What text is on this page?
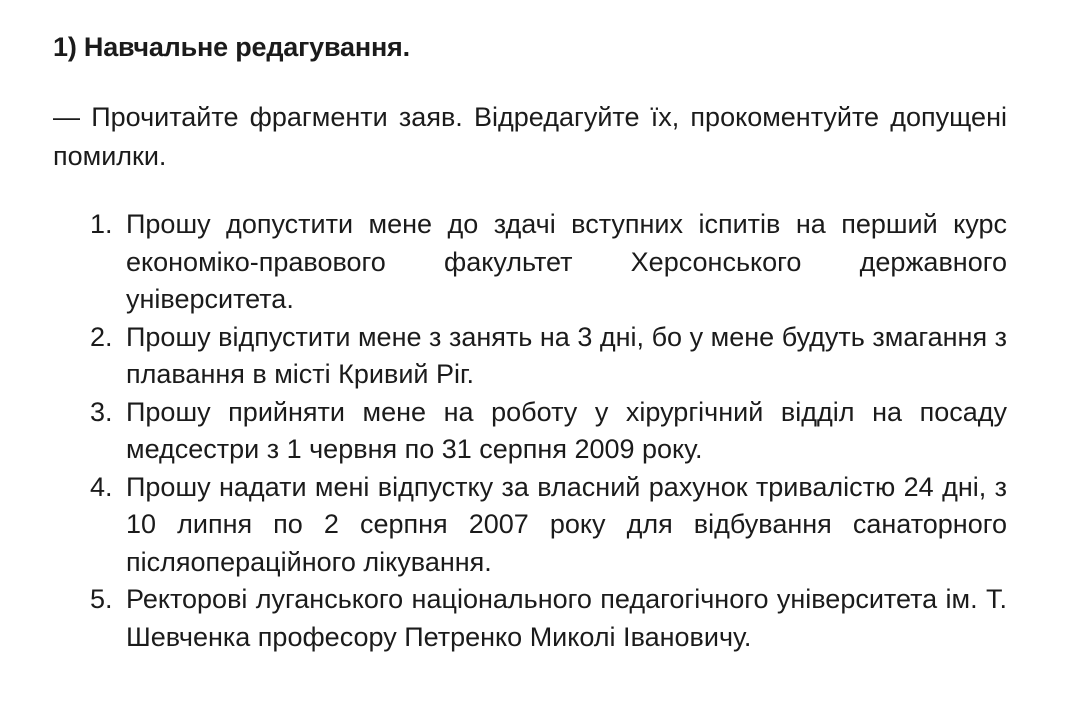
1) Навчальне редагування.

— Прочитайте фрагменти заяв. Відредагуйте їх, прокоментуйте допущені помилки.

1. Прошу допустити мене до здачі вступних іспитів на перший курс економіко-правового факультет Херсонського державного університета.
2. Прошу відпустити мене з занять на 3 дні, бо у мене будуть змагання з плавання в місті Кривий Ріг.
3. Прошу прийняти мене на роботу у хірургічний відділ на посаду медсестри з 1 червня по 31 серпня 2009 року.
4. Прошу надати мені відпустку за власний рахунок тривалістю 24 дні, з 10 липня по 2 серпня 2007 року для відбування санаторного післяопераційного лікування.
5. Ректорові луганського національного педагогічного університета ім. Т. Шевченка професору Петренко Миколі Івановичу.
